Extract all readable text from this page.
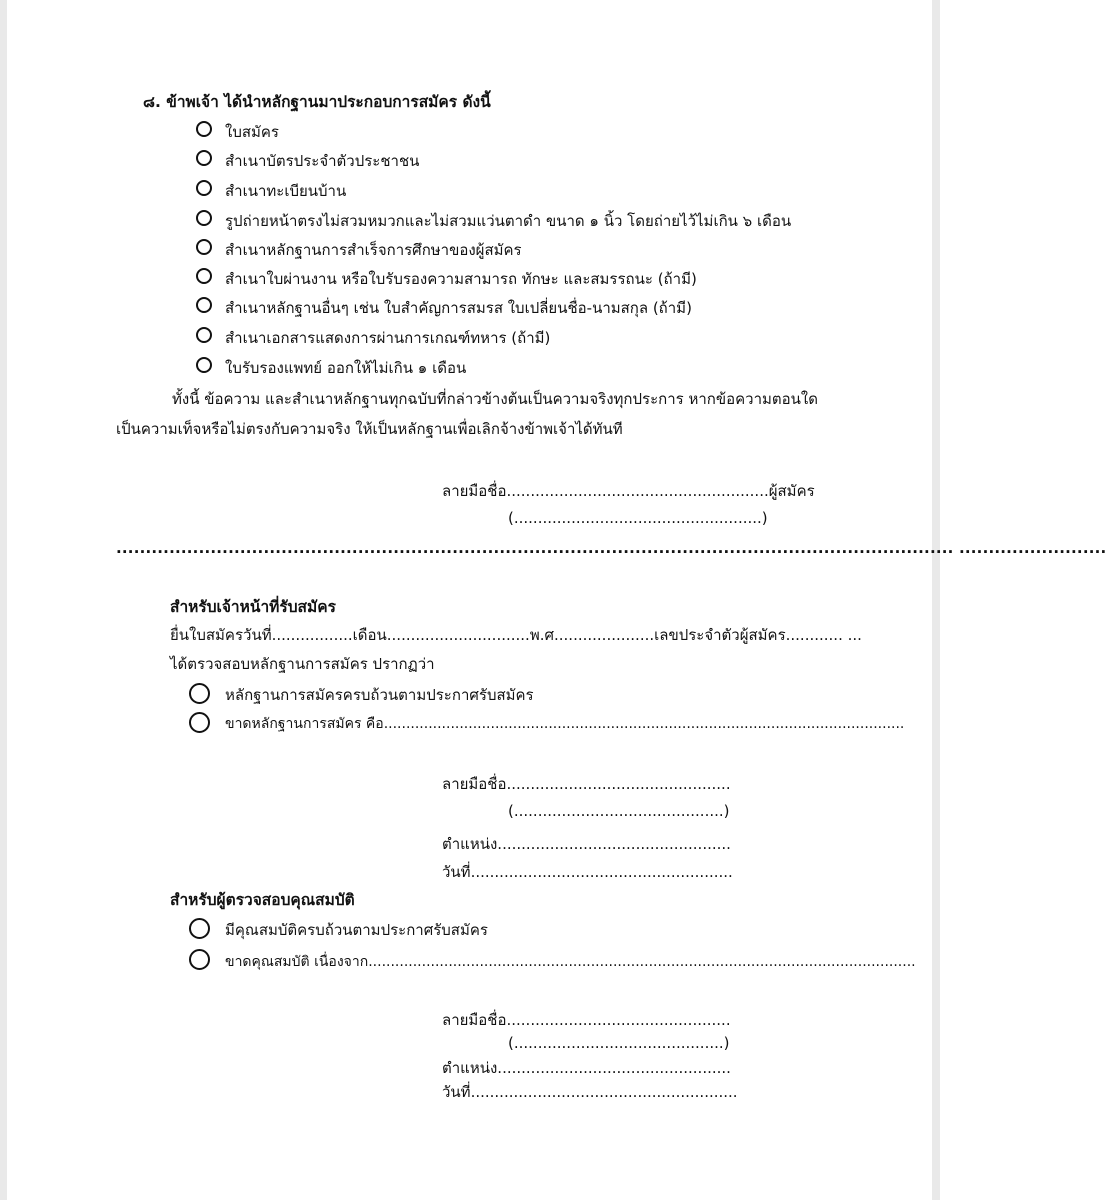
๘. ข้าพเจ้า ได้นำหลักฐานมาประกอบการสมัคร ดังนี้
ใบสมัคร
สำเนาบัตรประจำตัวประชาชน
สำเนาทะเบียนบ้าน
รูปถ่ายหน้าตรงไม่สวมหมวกและไม่สวมแว่นตาดำ ขนาด ๑ นิ้ว โดยถ่ายไว้ไม่เกิน ๖ เดือน
สำเนาหลักฐานการสำเร็จการศึกษาของผู้สมัคร
สำเนาใบผ่านงาน หรือใบรับรองความสามารถ ทักษะ และสมรรถนะ (ถ้ามี)
สำเนาหลักฐานอื่นๆ เช่น ใบสำคัญการสมรส ใบเปลี่ยนชื่อ-นามสกุล (ถ้ามี)
สำเนาเอกสารแสดงการผ่านการเกณฑ์ทหาร (ถ้ามี)
ใบรับรองแพทย์ ออกให้ไม่เกิน ๑ เดือน
ทั้งนี้ ข้อความ และสำเนาหลักฐานทุกฉบับที่กล่าวข้างต้นเป็นความจริงทุกประการ หากข้อความตอนใด
เป็นความเท็จหรือไม่ตรงกับความจริง ให้เป็นหลักฐานเพื่อเลิกจ้างข้าพเจ้าได้ทันที
ลายมือชื่อ.......................................................ผู้สมัคร
(....................................................)
.............................................................................................................................................. .........................
สำหรับเจ้าหน้าที่รับสมัคร
ยื่นใบสมัครวันที่.................เดือน..............................พ.ศ.....................เลขประจำตัวผู้สมัคร............ ...
ได้ตรวจสอบหลักฐานการสมัคร ปรากฏว่า
หลักฐานการสมัครครบถ้วนตามประกาศรับสมัคร
ขาดหลักฐานการสมัคร คือ.....................................................................................................................
ลายมือชื่อ...............................................
(............................................)
ตำแหน่ง.................................................
วันที่.......................................................
สำหรับผู้ตรวจสอบคุณสมบัติ
มีคุณสมบัติครบถ้วนตามประกาศรับสมัคร
ขาดคุณสมบัติ เนื่องจาก...........................................................................................................................
ลายมือชื่อ...............................................
(............................................)
ตำแหน่ง.................................................
วันที่........................................................
